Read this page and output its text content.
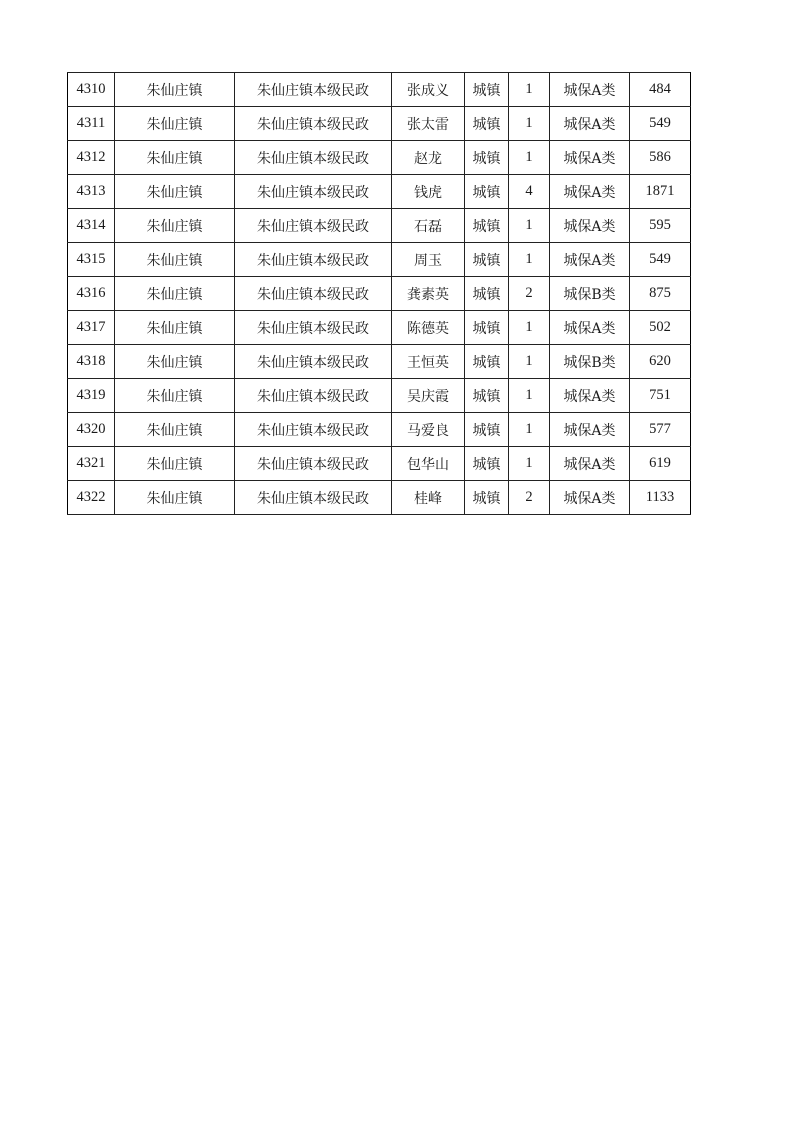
4310	朱仙庄镇	朱仙庄镇本级民政	张成义	城镇	1	城保A类	484
4311	朱仙庄镇	朱仙庄镇本级民政	张太雷	城镇	1	城保A类	549
4312	朱仙庄镇	朱仙庄镇本级民政	赵龙	城镇	1	城保A类	586
4313	朱仙庄镇	朱仙庄镇本级民政	钱虎	城镇	4	城保A类	1871
4314	朱仙庄镇	朱仙庄镇本级民政	石磊	城镇	1	城保A类	595
4315	朱仙庄镇	朱仙庄镇本级民政	周玉	城镇	1	城保A类	549
4316	朱仙庄镇	朱仙庄镇本级民政	龚素英	城镇	2	城保B类	875
4317	朱仙庄镇	朱仙庄镇本级民政	陈德英	城镇	1	城保A类	502
4318	朱仙庄镇	朱仙庄镇本级民政	王恒英	城镇	1	城保B类	620
4319	朱仙庄镇	朱仙庄镇本级民政	吴庆霞	城镇	1	城保A类	751
4320	朱仙庄镇	朱仙庄镇本级民政	马爱良	城镇	1	城保A类	577
4321	朱仙庄镇	朱仙庄镇本级民政	包华山	城镇	1	城保A类	619
4322	朱仙庄镇	朱仙庄镇本级民政	桂峰	城镇	2	城保A类	1133
